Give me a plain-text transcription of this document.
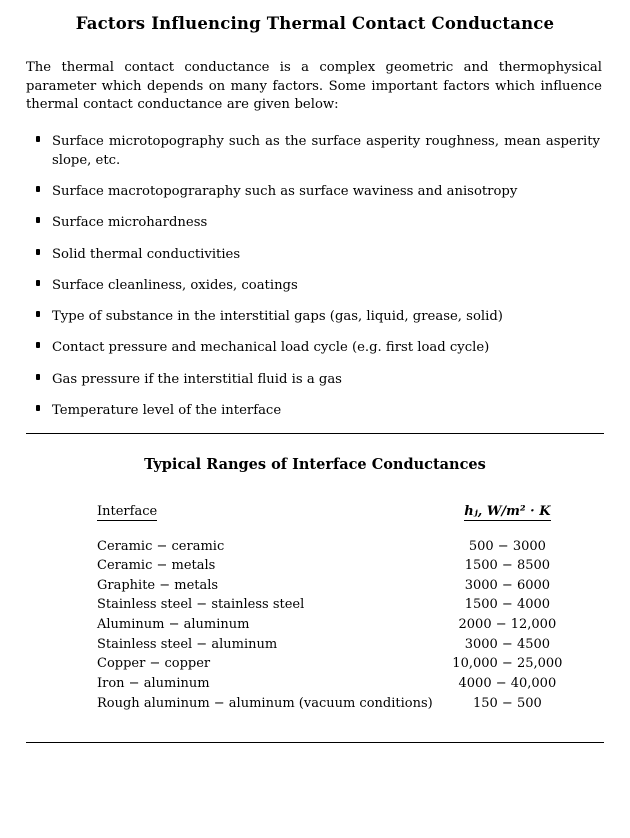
Factors Influencing Thermal Contact Conductance

The thermal contact conductance is a complex geometric and thermophysical parameter which depends on many factors. Some important factors which influence thermal contact conductance are given below:

Surface microtopography such as the surface asperity roughness, mean asperity slope, etc.
Surface macrotopograraphy such as surface waviness and anisotropy
Surface microhardness
Solid thermal conductivities
Surface cleanliness, oxides, coatings
Type of substance in the interstitial gaps (gas, liquid, grease, solid)
Contact pressure and mechanical load cycle (e.g. first load cycle)
Gas pressure if the interstitial fluid is a gas
Temperature level of the interface
Typical Ranges of Interface Conductances
Interface	hⱼ, W/m² · K
Ceramic − ceramic	500 − 3000
Ceramic − metals	1500 − 8500
Graphite − metals	3000 − 6000
Stainless steel − stainless steel	1500 − 4000
Aluminum − aluminum	2000 − 12,000
Stainless steel − aluminum	3000 − 4500
Copper − copper	10,000 − 25,000
Iron − aluminum	4000 − 40,000
Rough aluminum − aluminum (vacuum conditions)	150 − 500
